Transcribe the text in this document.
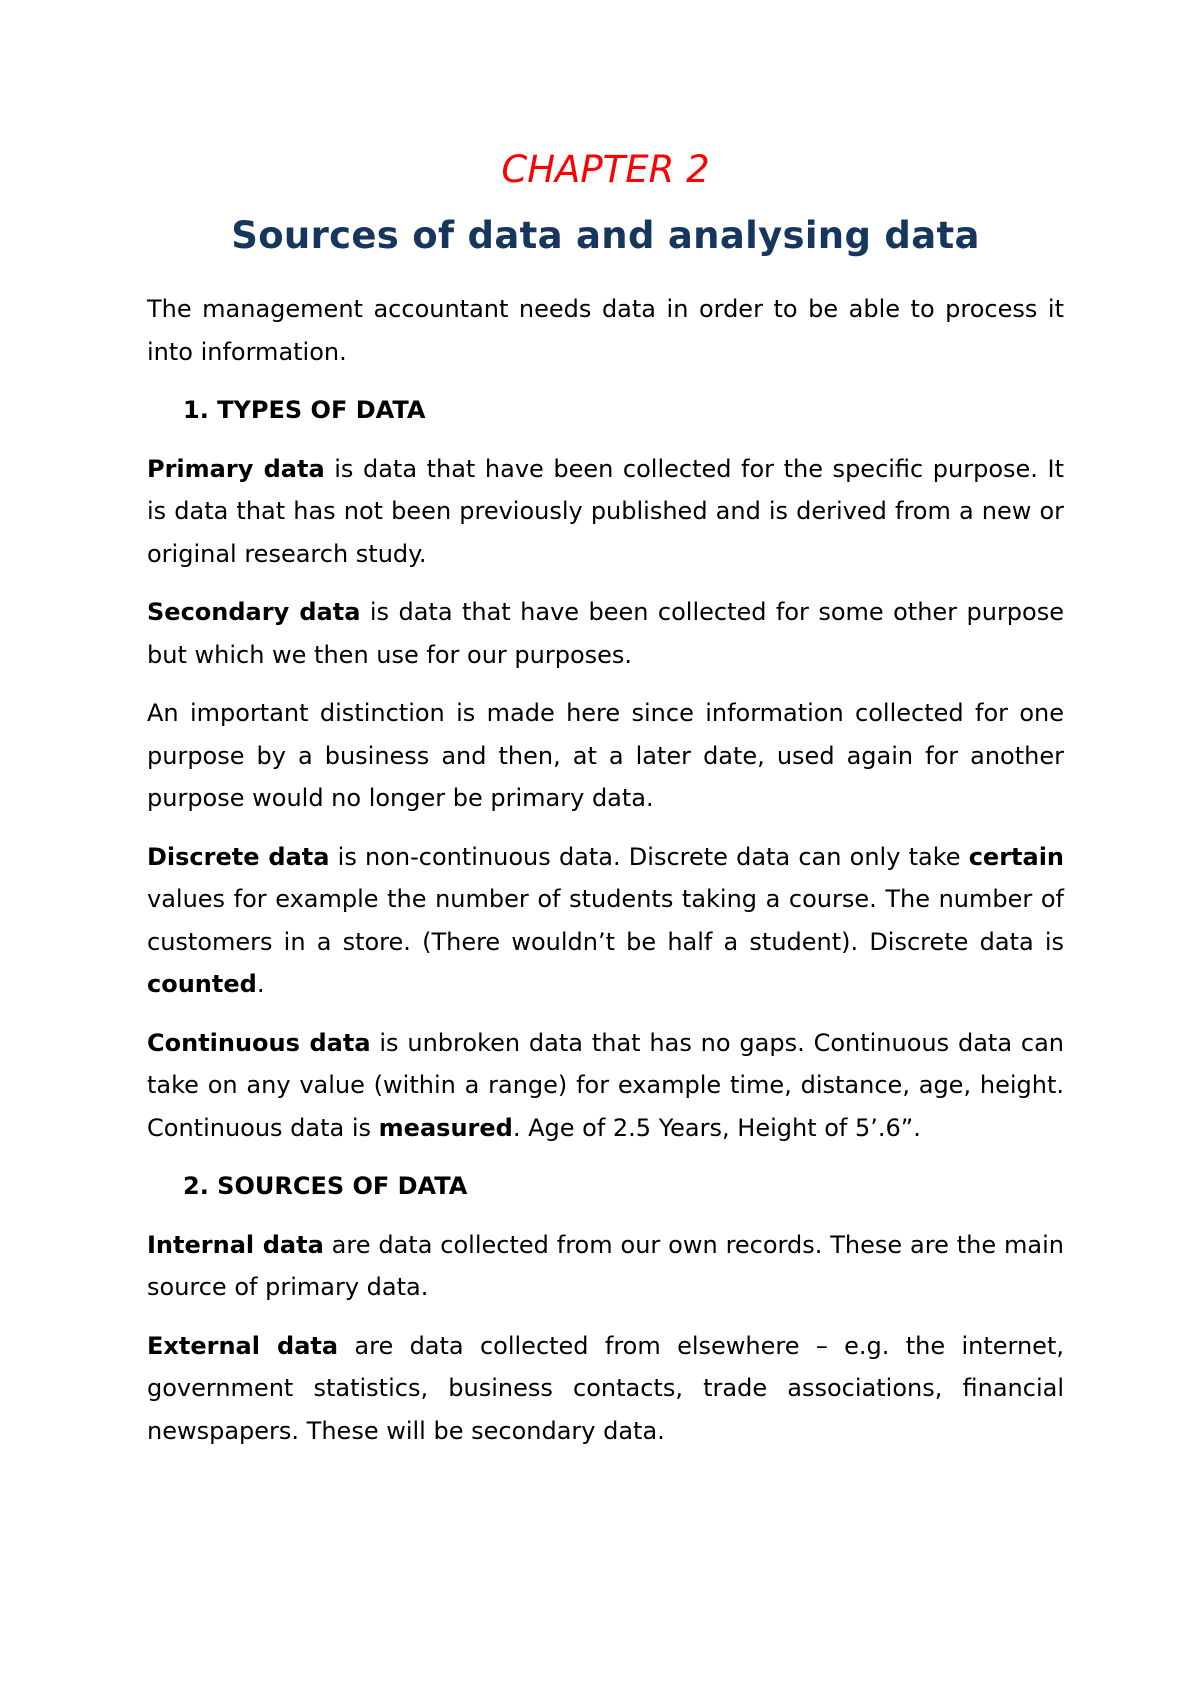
CHAPTER 2
Sources of data and analysing data

The management accountant needs data in order to be able to process it into information.

1. TYPES OF DATA

Primary data is data that have been collected for the specific purpose. It is data that has not been previously published and is derived from a new or original research study.

Secondary data is data that have been collected for some other purpose but which we then use for our purposes.

An important distinction is made here since information collected for one purpose by a business and then, at a later date, used again for another purpose would no longer be primary data.

Discrete data is non-continuous data. Discrete data can only take certain values for example the number of students taking a course. The number of customers in a store. (There wouldn’t be half a student). Discrete data is counted.

Continuous data is unbroken data that has no gaps. Continuous data can take on any value (within a range) for example time, distance, age, height. Continuous data is measured. Age of 2.5 Years, Height of 5’.6”.

2. SOURCES OF DATA

Internal data are data collected from our own records. These are the main source of primary data.

External data are data collected from elsewhere – e.g. the internet, government statistics, business contacts, trade associations, financial newspapers. These will be secondary data.
